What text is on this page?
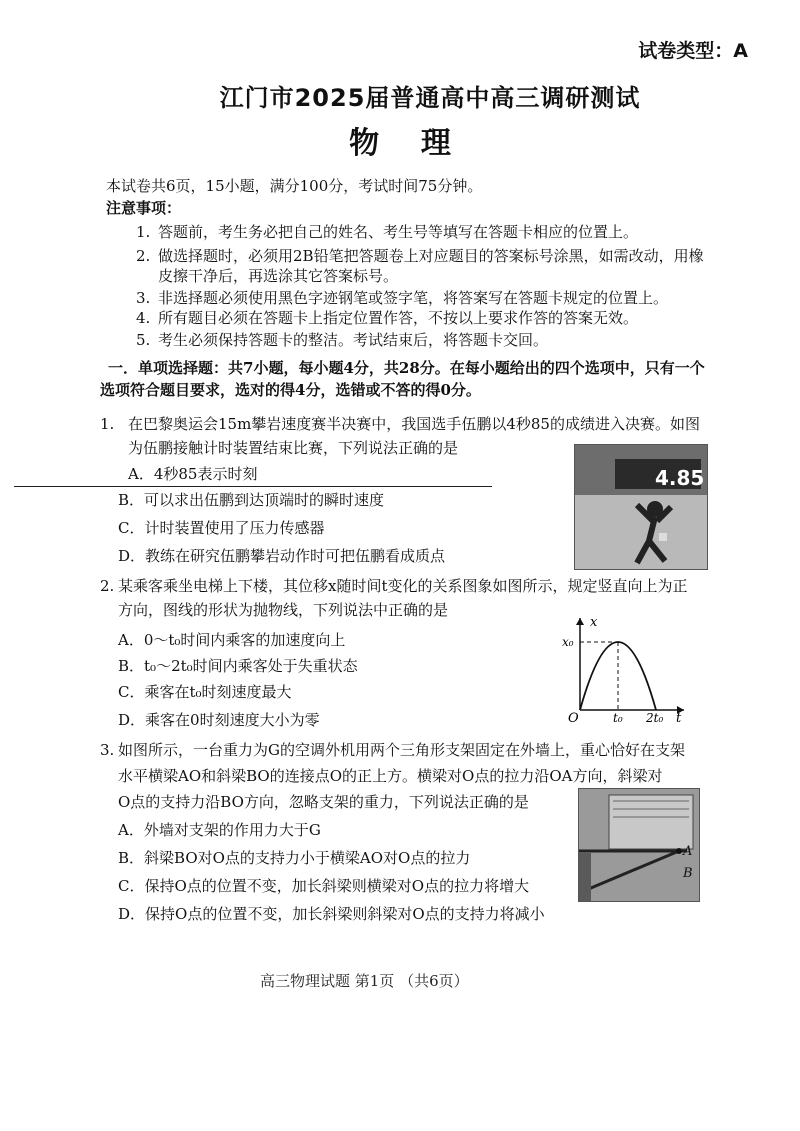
试卷类型：A
江门市2025届普通高中高三调研测试
物    理
本试卷共6页，15小题，满分100分，考试时间75分钟。
注意事项：
1. 答题前，考生务必把自己的姓名、考生号等填写在答题卡相应的位置上。
2. 做选择题时，必须用2B铅笔把答题卷上对应题目的答案标号涂黑，如需改动，用橡
皮擦干净后，再选涂其它答案标号。
3. 非选择题必须使用黑色字迹钢笔或签字笔，将答案写在答题卡规定的位置上。
4. 所有题目必须在答题卡上指定位置作答，不按以上要求作答的答案无效。
5. 考生必须保持答题卡的整洁。考试结束后，将答题卡交回。
一．单项选择题：共7小题，每小题4分，共28分。在每小题给出的四个选项中，只有一个
选项符合题目要求，选对的得4分，选错或不答的得0分。
1. 在巴黎奥运会15m攀岩速度赛半决赛中，我国选手伍鹏以4秒85的成绩进入决赛。如图
为伍鹏接触计时装置结束比赛，下列说法正确的是
A．4秒85表示时刻
B．可以求出伍鹏到达顶端时的瞬时速度
C．计时装置使用了压力传感器
D．教练在研究伍鹏攀岩动作时可把伍鹏看成质点
4.85
2. 某乘客乘坐电梯上下楼，其位移x随时间t变化的关系图象如图所示，规定竖直向上为正
方向，图线的形状为抛物线，下列说法中正确的是
A．0～t₀时间内乘客的加速度向上
B．t₀～2t₀时间内乘客处于失重状态
C．乘客在t₀时刻速度最大
D．乘客在0时刻速度大小为零
x
x₀
t
O	t₀ 2t₀
3. 如图所示，一台重力为G的空调外机用两个三角形支架固定在外墙上，重心恰好在支架
水平横梁AO和斜梁BO的连接点O的正上方。横梁对O点的拉力沿OA方向，斜梁对
O点的支持力沿BO方向，忽略支架的重力，下列说法正确的是
A．外墙对支架的作用力大于G
B．斜梁BO对O点的支持力小于横梁AO对O点的拉力
C．保持O点的位置不变，加长斜梁则横梁对O点的拉力将增大
D．保持O点的位置不变，加长斜梁则斜梁对O点的支持力将减小
A
B
高三物理试题 第1页 （共6页）
